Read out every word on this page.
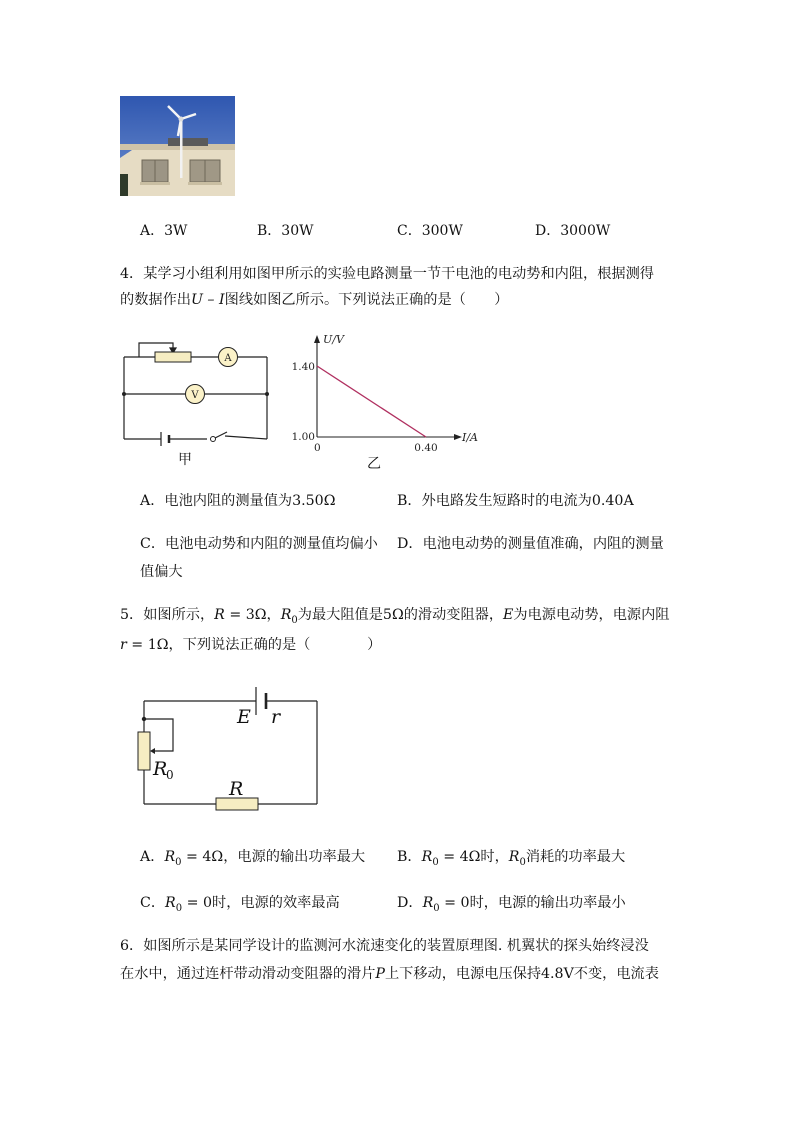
A．3W	B．30W	C．300W	D．3000W
4．某学习小组利用如图甲所示的实验电路测量一节干电池的电动势和内阻，根据测得
的数据作出U – I图线如图乙所示。下列说法正确的是（　　）
A
V
甲
U/V
I/A
1.40
1.00
0	0.40
乙
A．电池内阻的测量值为3.50Ω	B．外电路发生短路时的电流为0.40A
C．电池电动势和内阻的测量值均偏小 D．电池电动势的测量值准确，内阻的测量
值偏大
5．如图所示，R = 3Ω，$R_0$为最大阻值是5Ω的滑动变阻器，E为电源电动势，电源内阻
r = 1Ω，下列说法正确的是（　　　　）
E r
R
0
R
A．$R_0 = 4\Omega$，电源的输出功率最大 B．$R_0 = 4\Omega$时，$R_0$消耗的功率最大
C．$R_0 = 0$时，电源的效率最高	D．$R_0 = 0$时，电源的输出功率最小
6．如图所示是某同学设计的监测河水流速变化的装置原理图. 机翼状的探头始终浸没
在水中，通过连杆带动滑动变阻器的滑片P上下移动，电源电压保持4.8V不变，电流表
